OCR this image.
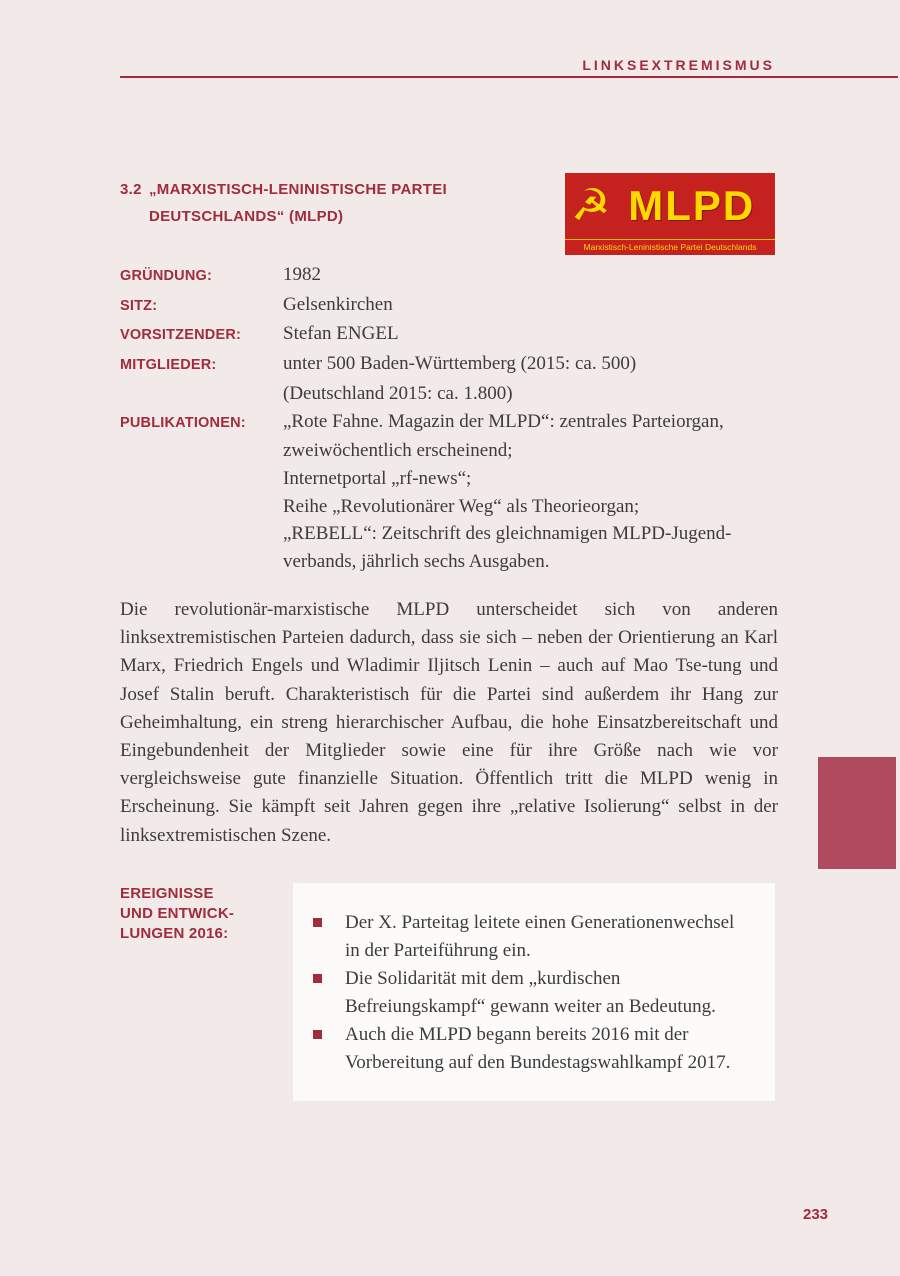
LINKSEXTREMISMUS
3.2 „MARXISTISCH-LENINISTISCHE PARTEI
DEUTSCHLANDS“ (MLPD)	☭ MLPD
Marxistisch-Leninistische Partei Deutschlands
GRÜNDUNG:	1982
SITZ:	Gelsenkirchen
VORSITZENDER:	Stefan ENGEL
MITGLIEDER:	unter 500 Baden-Württemberg (2015: ca. 500)
(Deutschland 2015: ca. 1.800)
PUBLIKATIONEN:	„Rote Fahne. Magazin der MLPD“: zentrales Parteiorgan,
zweiwöchentlich erscheinend;
Internetportal „rf-news“;
Reihe „Revolutionärer Weg“ als Theorieorgan;
„REBELL“: Zeitschrift des gleichnamigen MLPD-Jugend-
verbands, jährlich sechs Ausgaben.
Die revolutionär-marxistische MLPD unterscheidet sich von anderen linksextremistischen Parteien dadurch, dass sie sich – neben der Orientierung an Karl Marx, Friedrich Engels und Wladimir Iljitsch Lenin – auch auf Mao Tse-tung und Josef Stalin beruft. Charakteristisch für die Partei sind außerdem ihr Hang zur Geheimhaltung, ein streng hierarchischer Aufbau, die hohe Einsatzbereitschaft und Eingebundenheit der Mitglieder sowie eine für ihre Größe nach wie vor vergleichsweise gute finanzielle Situation. Öffentlich tritt die MLPD wenig in Erscheinung. Sie kämpft seit Jahren gegen ihre „relative Isolierung“ selbst in der linksextremistischen Szene.
EREIGNISSE
UND ENTWICK-
LUNGEN 2016:
Der X. Parteitag leitete einen Generationenwechsel in der Parteiführung ein.
Die Solidarität mit dem „kurdischen Befreiungskampf“ gewann weiter an Bedeutung.
Auch die MLPD begann bereits 2016 mit der Vorbereitung auf den Bundestagswahlkampf 2017.
233
